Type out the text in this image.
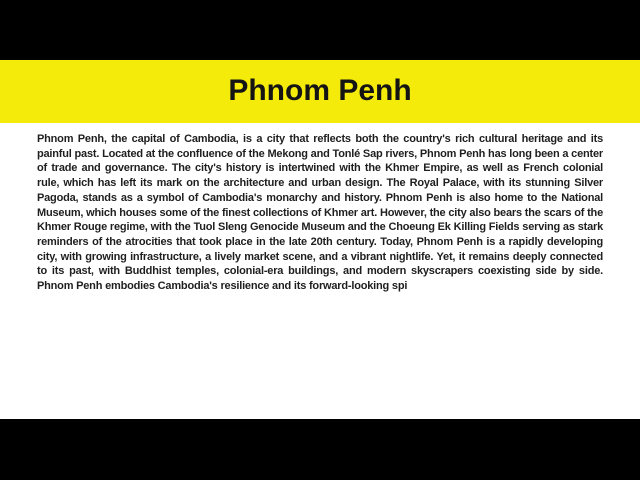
Phnom Penh

Phnom Penh, the capital of Cambodia, is a city that reflects both the country's rich cultural heritage and its painful past. Located at the confluence of the Mekong and Tonlé Sap rivers, Phnom Penh has long been a center of trade and governance. The city's history is intertwined with the Khmer Empire, as well as French colonial rule, which has left its mark on the architecture and urban design. The Royal Palace, with its stunning Silver Pagoda, stands as a symbol of Cambodia's monarchy and history. Phnom Penh is also home to the National Museum, which houses some of the finest collections of Khmer art. However, the city also bears the scars of the Khmer Rouge regime, with the Tuol Sleng Genocide Museum and the Choeung Ek Killing Fields serving as stark reminders of the atrocities that took place in the late 20th century. Today, Phnom Penh is a rapidly developing city, with growing infrastructure, a lively market scene, and a vibrant nightlife. Yet, it remains deeply connected to its past, with Buddhist temples, colonial-era buildings, and modern skyscrapers coexisting side by side. Phnom Penh embodies Cambodia's resilience and its forward-looking spi
